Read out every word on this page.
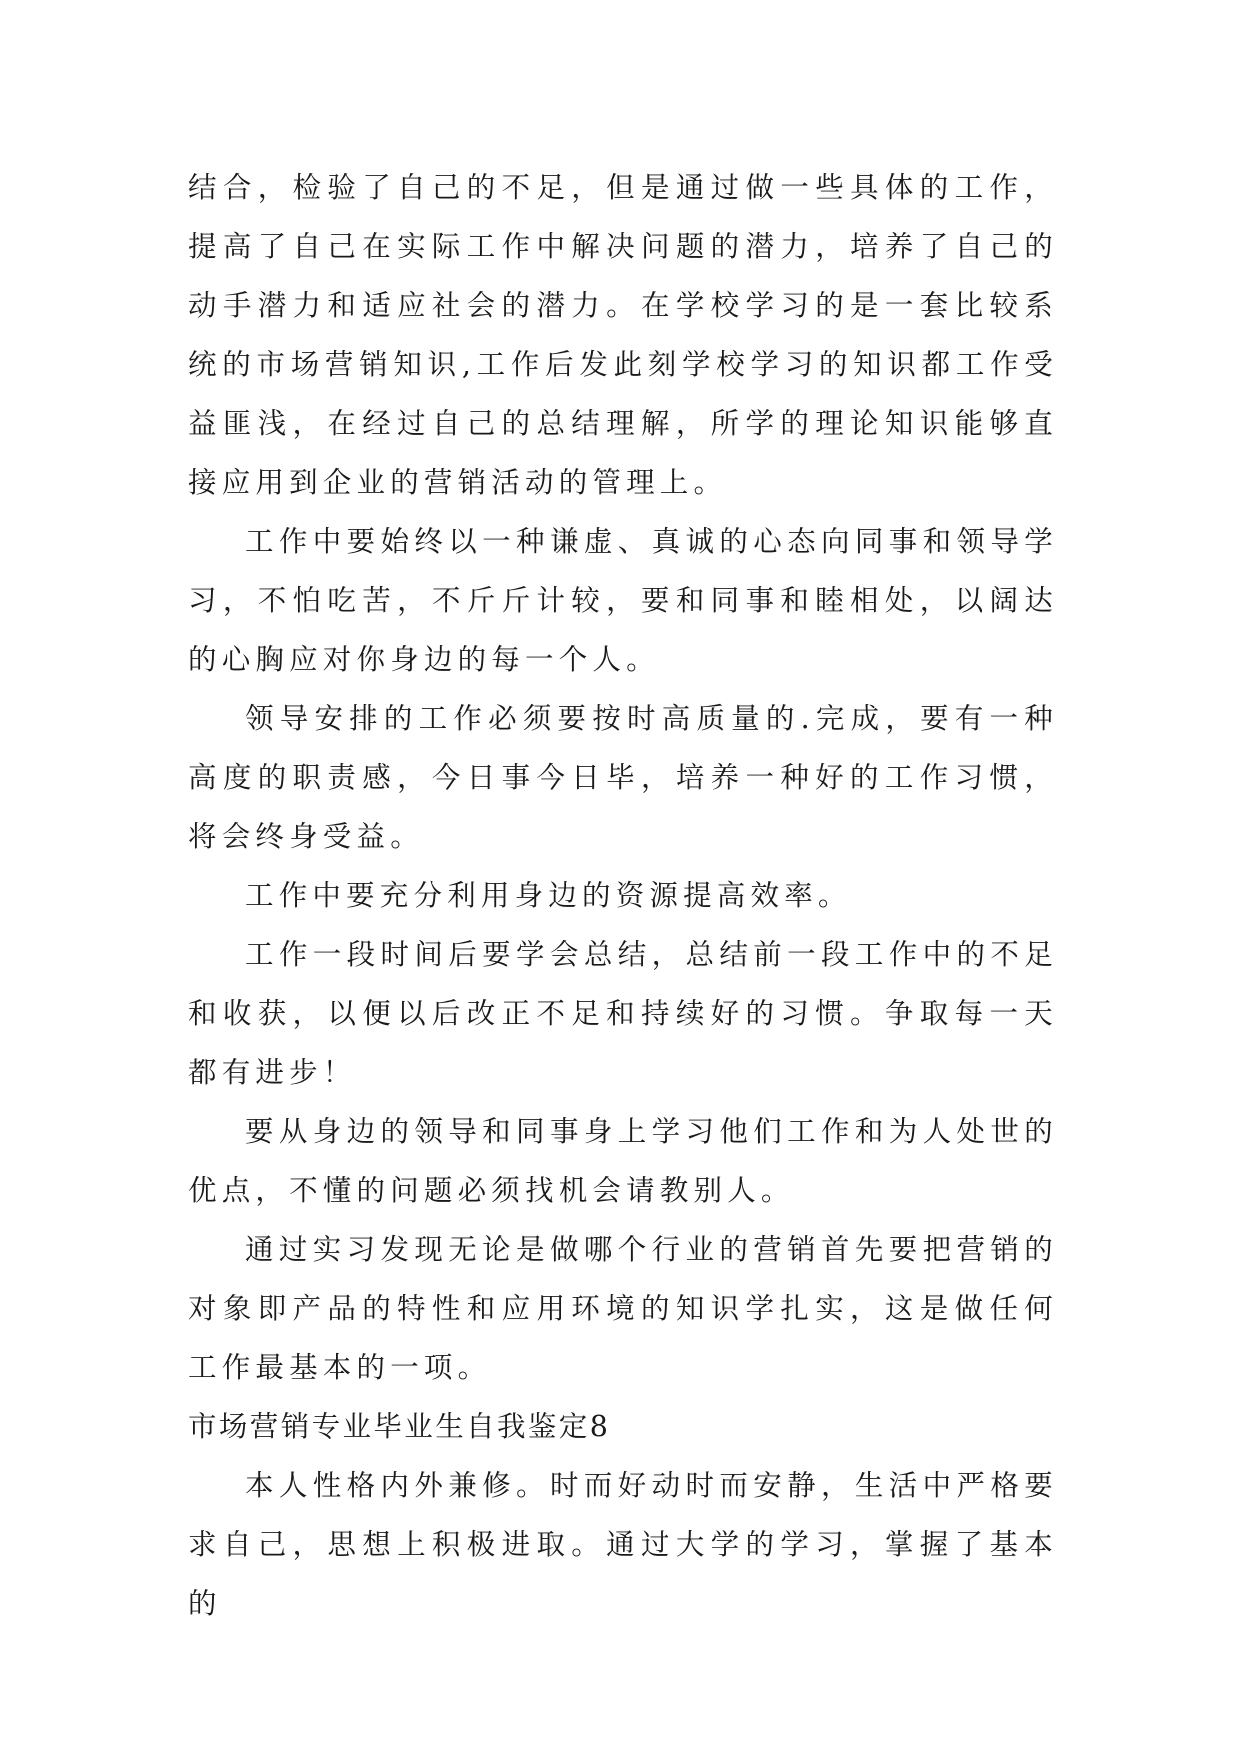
结合，检验了自己的不足，但是通过做一些具体的工作，提高了自己在实际工作中解决问题的潜力，培养了自己的动手潜力和适应社会的潜力。在学校学习的是一套比较系统的市场营销知识,工作后发此刻学校学习的知识都工作受益匪浅，在经过自己的总结理解，所学的理论知识能够直接应用到企业的营销活动的管理上。

工作中要始终以一种谦虚、真诚的心态向同事和领导学习，不怕吃苦，不斤斤计较，要和同事和睦相处，以阔达的心胸应对你身边的每一个人。

领导安排的工作必须要按时高质量的.完成，要有一种高度的职责感，今日事今日毕，培养一种好的工作习惯，将会终身受益。

工作中要充分利用身边的资源提高效率。

工作一段时间后要学会总结，总结前一段工作中的不足和收获，以便以后改正不足和持续好的习惯。争取每一天都有进步！

要从身边的领导和同事身上学习他们工作和为人处世的优点，不懂的问题必须找机会请教别人。

通过实习发现无论是做哪个行业的营销首先要把营销的对象即产品的特性和应用环境的知识学扎实，这是做任何工作最基本的一项。

市场营销专业毕业生自我鉴定8

本人性格内外兼修。时而好动时而安静，生活中严格要求自己，思想上积极进取。通过大学的学习，掌握了基本的
